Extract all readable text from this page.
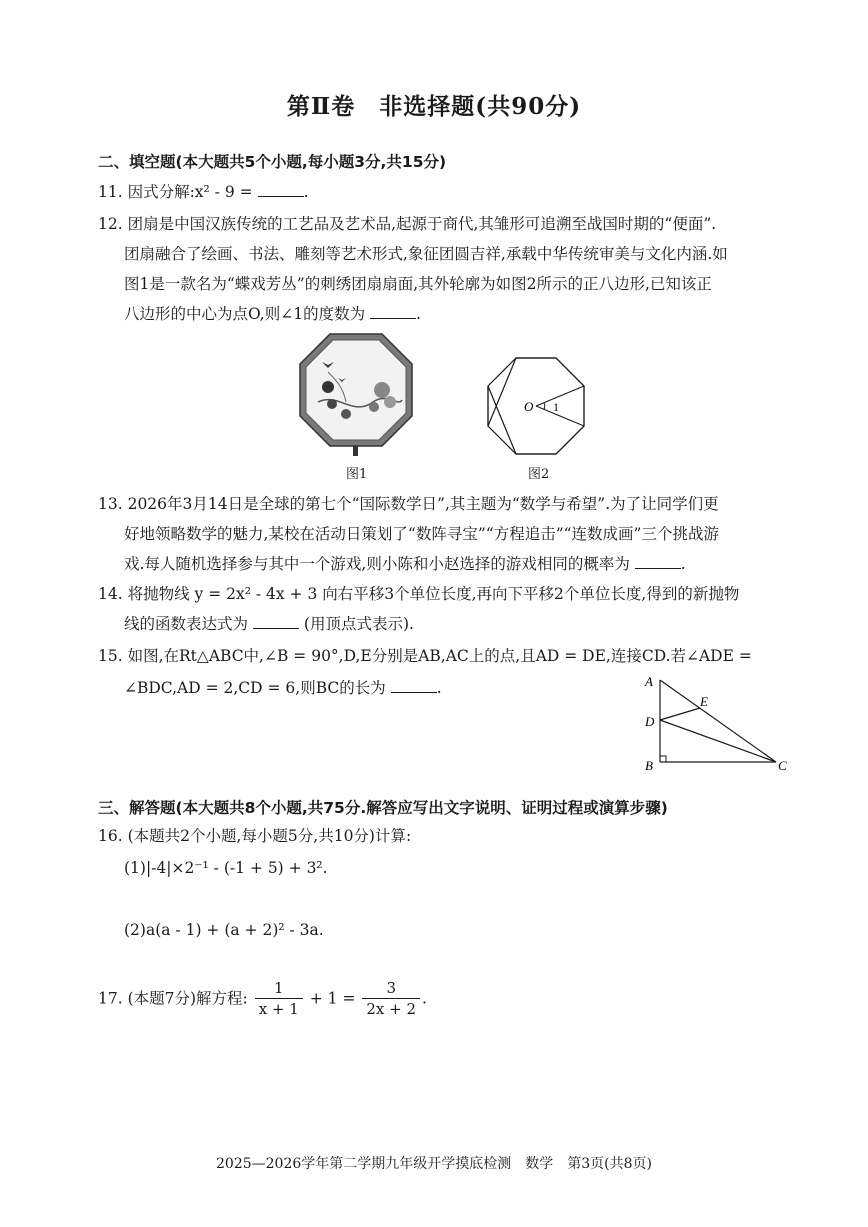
第Ⅱ卷　非选择题(共90分)
二、填空题(本大题共5个小题,每小题3分,共15分)
11. 因式分解:x² - 9 =	.
12. 团扇是中国汉族传统的工艺品及艺术品,起源于商代,其雏形可追溯至战国时期的“便面”.
团扇融合了绘画、书法、雕刻等艺术形式,象征团圆吉祥,承载中华传统审美与文化内涵.如
图1是一款名为“蝶戏芳丛”的刺绣团扇扇面,其外轮廓为如图2所示的正八边形,已知该正
八边形的中心为点O,则∠1的度数为	.
图1
O 1
图2
13. 2026年3月14日是全球的第七个“国际数学日”,其主题为“数学与希望”.为了让同学们更
好地领略数学的魅力,某校在活动日策划了“数阵寻宝”“方程追击”“连数成画”三个挑战游
戏.每人随机选择参与其中一个游戏,则小陈和小赵选择的游戏相同的概率为	.
14. 将抛物线 y = 2x² - 4x + 3 向右平移3个单位长度,再向下平移2个单位长度,得到的新抛物
线的函数表达式为	(用顶点式表示).
15. 如图,在Rt△ABC中,∠B = 90°,D,E分别是AB,AC上的点,且AD = DE,连接CD.若∠ADE =
∠BDC,AD = 2,CD = 6,则BC的长为	.	A
D
B	C
E
三、解答题(本大题共8个小题,共75分.解答应写出文字说明、证明过程或演算步骤)
16. (本题共2个小题,每小题5分,共10分)计算:
(1)|-4|×2⁻¹ - (-1 + 5) + 3².
(2)a(a - 1) + (a + 2)² - 3a.
17. (本题7分)解方程: $\frac{1}{x + 1} + 1 = \frac{3}{2x + 2}$ .
2025—2026学年第二学期九年级开学摸底检测　数学　第3页(共8页)
